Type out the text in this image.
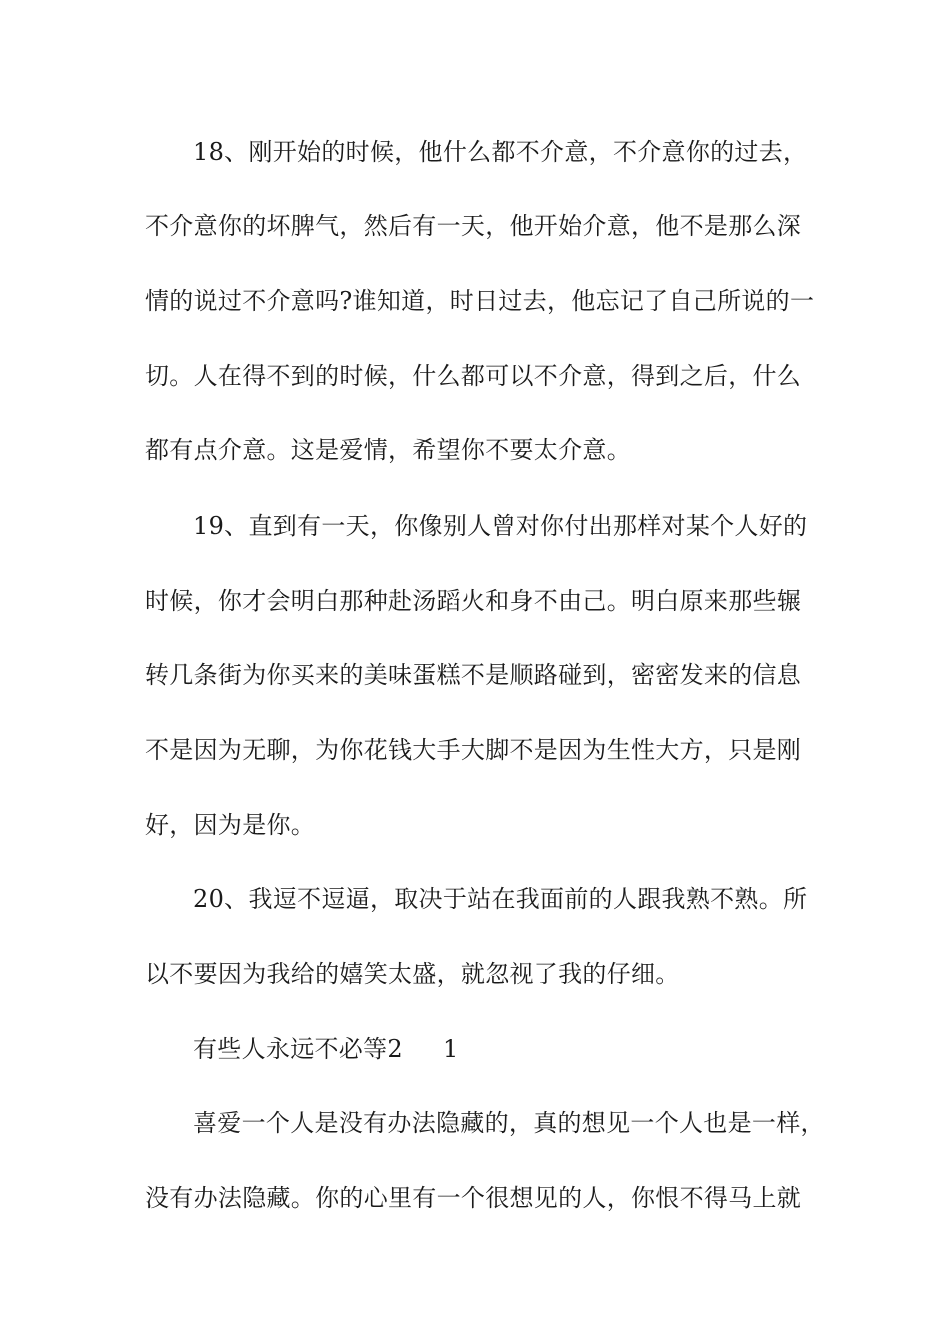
18、刚开始的时候，他什么都不介意，不介意你的过去，

不介意你的坏脾气，然后有一天，他开始介意，他不是那么深

情的说过不介意吗?谁知道，时日过去，他忘记了自己所说的一

切。人在得不到的时候，什么都可以不介意，得到之后，什么

都有点介意。这是爱情，希望你不要太介意。

19、直到有一天，你像别人曾对你付出那样对某个人好的

时候，你才会明白那种赴汤蹈火和身不由己。明白原来那些辗

转几条街为你买来的美味蛋糕不是顺路碰到，密密发来的信息

不是因为无聊，为你花钱大手大脚不是因为生性大方，只是刚

好，因为是你。

20、我逗不逗逼，取决于站在我面前的人跟我熟不熟。所

以不要因为我给的嬉笑太盛，就忽视了我的仔细。

有些人永远不必等2 1

喜爱一个人是没有办法隐藏的，真的想见一个人也是一样，

没有办法隐藏。你的心里有一个很想见的人，你恨不得马上就
